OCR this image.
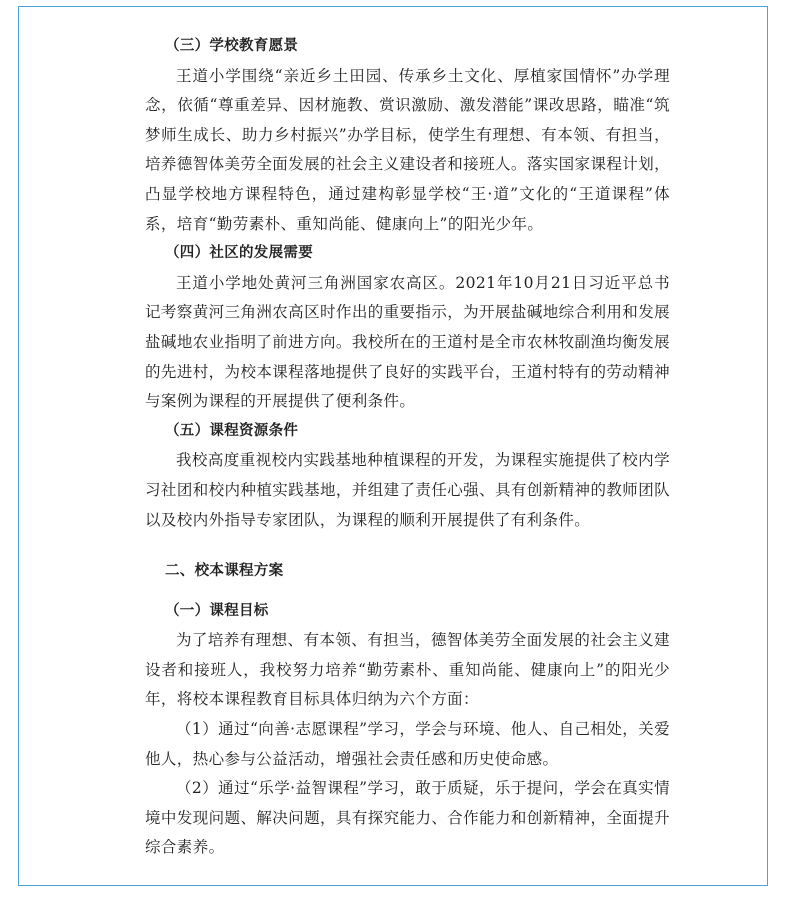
（三）学校教育愿景

王道小学围绕“亲近乡土田园、传承乡土文化、厚植家国情怀”办学理念，依循“尊重差异、因材施教、赏识激励、激发潜能”课改思路，瞄准“筑梦师生成长、助力乡村振兴”办学目标，使学生有理想、有本领、有担当，培养德智体美劳全面发展的社会主义建设者和接班人。落实国家课程计划，凸显学校地方课程特色，通过建构彰显学校“王·道”文化的“王道课程”体系，培育“勤劳素朴、重知尚能、健康向上”的阳光少年。

（四）社区的发展需要

王道小学地处黄河三角洲国家农高区。2021年10月21日习近平总书记考察黄河三角洲农高区时作出的重要指示，为开展盐碱地综合利用和发展盐碱地农业指明了前进方向。我校所在的王道村是全市农林牧副渔均衡发展的先进村，为校本课程落地提供了良好的实践平台，王道村特有的劳动精神与案例为课程的开展提供了便利条件。

（五）课程资源条件

我校高度重视校内实践基地种植课程的开发，为课程实施提供了校内学习社团和校内种植实践基地，并组建了责任心强、具有创新精神的教师团队以及校内外指导专家团队，为课程的顺利开展提供了有利条件。

二、校本课程方案
（一）课程目标

为了培养有理想、有本领、有担当，德智体美劳全面发展的社会主义建设者和接班人，我校努力培养“勤劳素朴、重知尚能、健康向上”的阳光少年，将校本课程教育目标具体归纳为六个方面：

（1）通过“向善·志愿课程”学习，学会与环境、他人、自己相处，关爱他人，热心参与公益活动，增强社会责任感和历史使命感。

（2）通过“乐学·益智课程”学习，敢于质疑，乐于提问，学会在真实情境中发现问题、解决问题，具有探究能力、合作能力和创新精神，全面提升综合素养。
